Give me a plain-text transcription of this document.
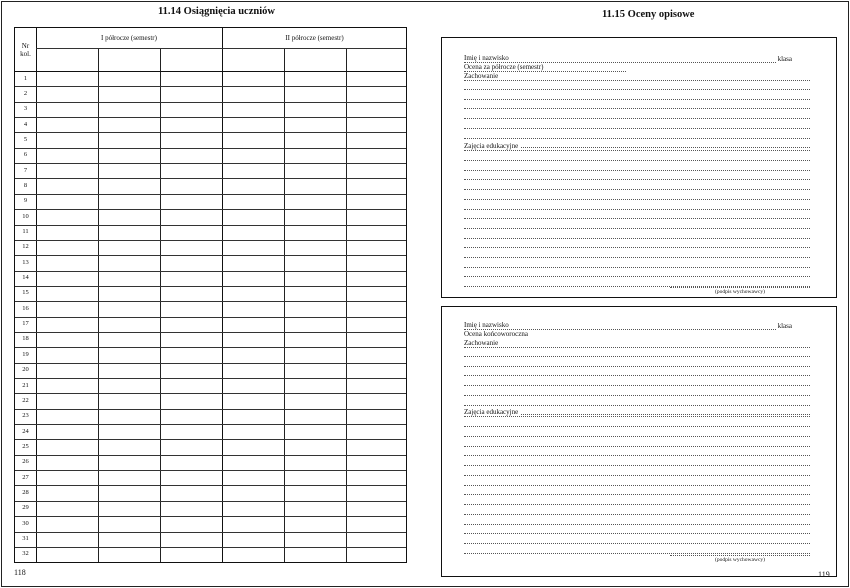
11.14 Osiągnięcia uczniów
Nr
kol.
I półrocze (semestr)	II półrocze (semestr)
1
2
3
4
5
6
7
8
9
10
11
12
13
14
15
16
17
18
19
20
21
22
23
24
25
26
27
28
29
30
31
32
118
11.15 Oceny opisowe
Imię i nazwisko	klasa
Ocena za półrocze (semestr)
Zachowanie
Zajęcia edukacyjne
(podpis wychowawcy)
Imię i nazwisko	klasa
Ocena końcoworoczna
Zachowanie
Zajęcia edukacyjne
(podpis wychowawcy)
119
